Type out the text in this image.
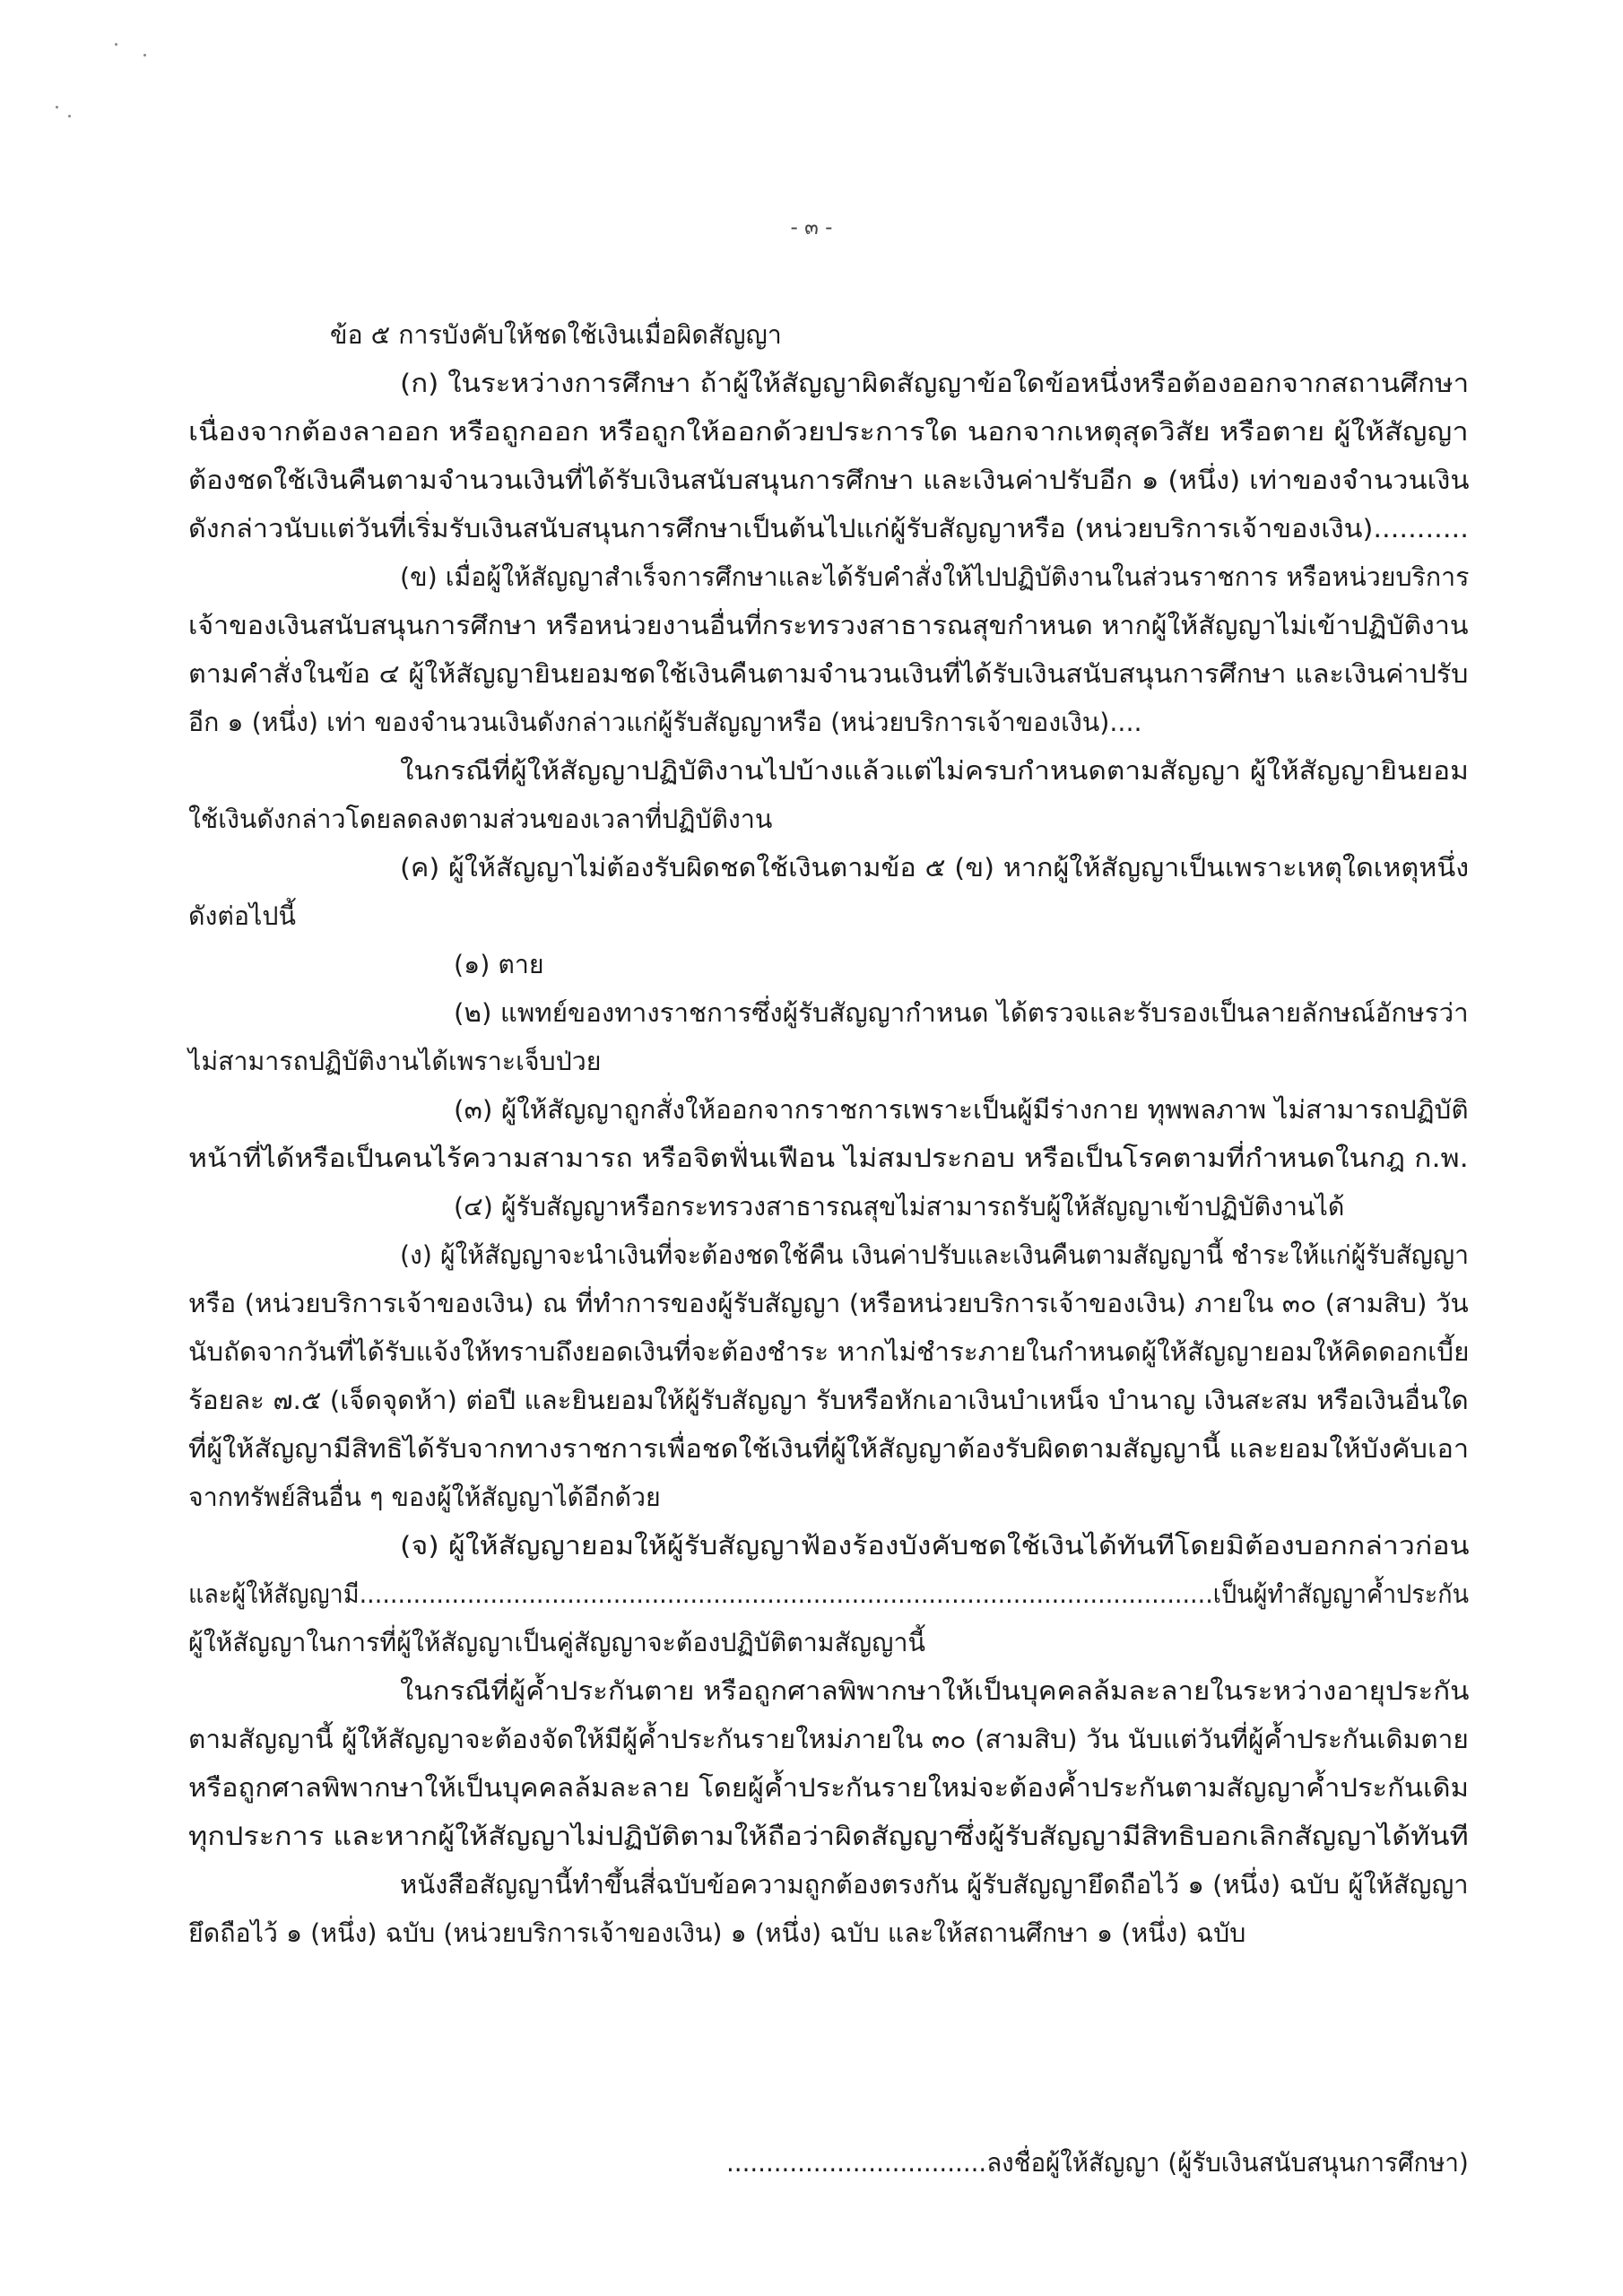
- ๓ -
ข้อ ๕ การบังคับให้ชดใช้เงินเมื่อผิดสัญญา
(ก) ในระหว่างการศึกษา ถ้าผู้ให้สัญญาผิดสัญญาข้อใดข้อหนึ่งหรือต้องออกจากสถานศึกษา
เนื่องจากต้องลาออก หรือถูกออก หรือถูกให้ออกด้วยประการใด นอกจากเหตุสุดวิสัย หรือตาย ผู้ให้สัญญา
ต้องชดใช้เงินคืนตามจำนวนเงินที่ได้รับเงินสนับสนุนการศึกษา และเงินค่าปรับอีก ๑ (หนึ่ง) เท่าของจำนวนเงิน
ดังกล่าวนับแต่วันที่เริ่มรับเงินสนับสนุนการศึกษาเป็นต้นไปแก่ผู้รับสัญญาหรือ (หน่วยบริการเจ้าของเงิน)...........
(ข) เมื่อผู้ให้สัญญาสำเร็จการศึกษาและได้รับคำสั่งให้ไปปฏิบัติงานในส่วนราชการ หรือหน่วยบริการ
เจ้าของเงินสนับสนุนการศึกษา หรือหน่วยงานอื่นที่กระทรวงสาธารณสุขกำหนด หากผู้ให้สัญญาไม่เข้าปฏิบัติงาน
ตามคำสั่งในข้อ ๔ ผู้ให้สัญญายินยอมชดใช้เงินคืนตามจำนวนเงินที่ได้รับเงินสนับสนุนการศึกษา และเงินค่าปรับ
อีก ๑ (หนึ่ง) เท่า ของจำนวนเงินดังกล่าวแก่ผู้รับสัญญาหรือ (หน่วยบริการเจ้าของเงิน)....
ในกรณีที่ผู้ให้สัญญาปฏิบัติงานไปบ้างแล้วแต่ไม่ครบกำหนดตามสัญญา ผู้ให้สัญญายินยอม
ใช้เงินดังกล่าวโดยลดลงตามส่วนของเวลาที่ปฏิบัติงาน
(ค) ผู้ให้สัญญาไม่ต้องรับผิดชดใช้เงินตามข้อ ๕ (ข) หากผู้ให้สัญญาเป็นเพราะเหตุใดเหตุหนึ่ง
ดังต่อไปนี้
(๑) ตาย
(๒) แพทย์ของทางราชการซึ่งผู้รับสัญญากำหนด ได้ตรวจและรับรองเป็นลายลักษณ์อักษรว่า
ไม่สามารถปฏิบัติงานได้เพราะเจ็บป่วย
(๓) ผู้ให้สัญญาถูกสั่งให้ออกจากราชการเพราะเป็นผู้มีร่างกาย ทุพพลภาพ ไม่สามารถปฏิบัติ
หน้าที่ได้หรือเป็นคนไร้ความสามารถ หรือจิตฟั่นเฟือน ไม่สมประกอบ หรือเป็นโรคตามที่กำหนดในกฎ ก.พ.
(๔) ผู้รับสัญญาหรือกระทรวงสาธารณสุขไม่สามารถรับผู้ให้สัญญาเข้าปฏิบัติงานได้
(ง) ผู้ให้สัญญาจะนำเงินที่จะต้องชดใช้คืน เงินค่าปรับและเงินคืนตามสัญญานี้ ชำระให้แก่ผู้รับสัญญา
หรือ (หน่วยบริการเจ้าของเงิน) ณ ที่ทำการของผู้รับสัญญา (หรือหน่วยบริการเจ้าของเงิน) ภายใน ๓๐ (สามสิบ) วัน
นับถัดจากวันที่ได้รับแจ้งให้ทราบถึงยอดเงินที่จะต้องชำระ หากไม่ชำระภายในกำหนดผู้ให้สัญญายอมให้คิดดอกเบี้ย
ร้อยละ ๗.๕ (เจ็ดจุดห้า) ต่อปี และยินยอมให้ผู้รับสัญญา รับหรือหักเอาเงินบำเหน็จ บำนาญ เงินสะสม หรือเงินอื่นใด
ที่ผู้ให้สัญญามีสิทธิได้รับจากทางราชการเพื่อชดใช้เงินที่ผู้ให้สัญญาต้องรับผิดตามสัญญานี้ และยอมให้บังคับเอา
จากทรัพย์สินอื่น ๆ ของผู้ให้สัญญาได้อีกด้วย
(จ) ผู้ให้สัญญายอมให้ผู้รับสัญญาฟ้องร้องบังคับชดใช้เงินได้ทันทีโดยมิต้องบอกกล่าวก่อน
และผู้ให้สัญญามี...............................................................................................................เป็นผู้ทำสัญญาค้ำประกัน
ผู้ให้สัญญาในการที่ผู้ให้สัญญาเป็นคู่สัญญาจะต้องปฏิบัติตามสัญญานี้
ในกรณีที่ผู้ค้ำประกันตาย หรือถูกศาลพิพากษาให้เป็นบุคคลล้มละลายในระหว่างอายุประกัน
ตามสัญญานี้ ผู้ให้สัญญาจะต้องจัดให้มีผู้ค้ำประกันรายใหม่ภายใน ๓๐ (สามสิบ) วัน นับแต่วันที่ผู้ค้ำประกันเดิมตาย
หรือถูกศาลพิพากษาให้เป็นบุคคลล้มละลาย โดยผู้ค้ำประกันรายใหม่จะต้องค้ำประกันตามสัญญาค้ำประกันเดิม
ทุกประการ และหากผู้ให้สัญญาไม่ปฏิบัติตามให้ถือว่าผิดสัญญาซึ่งผู้รับสัญญามีสิทธิบอกเลิกสัญญาได้ทันที
หนังสือสัญญานี้ทำขึ้นสี่ฉบับข้อความถูกต้องตรงกัน ผู้รับสัญญายึดถือไว้ ๑ (หนึ่ง) ฉบับ ผู้ให้สัญญา
ยึดถือไว้ ๑ (หนึ่ง) ฉบับ (หน่วยบริการเจ้าของเงิน) ๑ (หนึ่ง) ฉบับ และให้สถานศึกษา ๑ (หนึ่ง) ฉบับ
.................................ลงชื่อผู้ให้สัญญา (ผู้รับเงินสนับสนุนการศึกษา)
